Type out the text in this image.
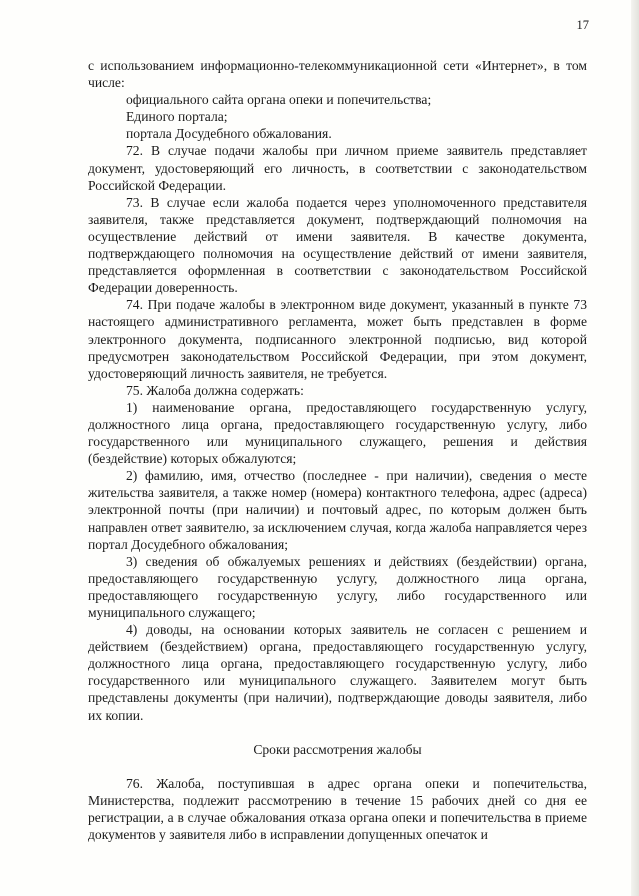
17

с использованием информационно-телекоммуникационной сети «Интернет», в том числе:

официального сайта органа опеки и попечительства;

Единого портала;

портала Досудебного обжалования.

72. В случае подачи жалобы при личном приеме заявитель представляет документ, удостоверяющий его личность, в соответствии с законодательством Российской Федерации.

73. В случае если жалоба подается через уполномоченного представителя заявителя, также представляется документ, подтверждающий полномочия на осуществление действий от имени заявителя. В качестве документа, подтверждающего полномочия на осуществление действий от имени заявителя, представляется оформленная в соответствии с законодательством Российской Федерации доверенность.

74. При подаче жалобы в электронном виде документ, указанный в пункте 73 настоящего административного регламента, может быть представлен в форме электронного документа, подписанного электронной подписью, вид которой предусмотрен законодательством Российской Федерации, при этом документ, удостоверяющий личность заявителя, не требуется.

75. Жалоба должна содержать:

1) наименование органа, предоставляющего государственную услугу, должностного лица органа, предоставляющего государственную услугу, либо государственного или муниципального служащего, решения и действия (бездействие) которых обжалуются;

2) фамилию, имя, отчество (последнее - при наличии), сведения о месте жительства заявителя, а также номер (номера) контактного телефона, адрес (адреса) электронной почты (при наличии) и почтовый адрес, по которым должен быть направлен ответ заявителю, за исключением случая, когда жалоба направляется через портал Досудебного обжалования;

3) сведения об обжалуемых решениях и действиях (бездействии) органа, предоставляющего государственную услугу, должностного лица органа, предоставляющего государственную услугу, либо государственного или муниципального служащего;

4) доводы, на основании которых заявитель не согласен с решением и действием (бездействием) органа, предоставляющего государственную услугу, должностного лица органа, предоставляющего государственную услугу, либо государственного или муниципального служащего. Заявителем могут быть представлены документы (при наличии), подтверждающие доводы заявителя, либо их копии.

Сроки рассмотрения жалобы

76. Жалоба, поступившая в адрес органа опеки и попечительства, Министерства, подлежит рассмотрению в течение 15 рабочих дней со дня ее регистрации, а в случае обжалования отказа органа опеки и попечительства в приеме документов у заявителя либо в исправлении допущенных опечаток и
